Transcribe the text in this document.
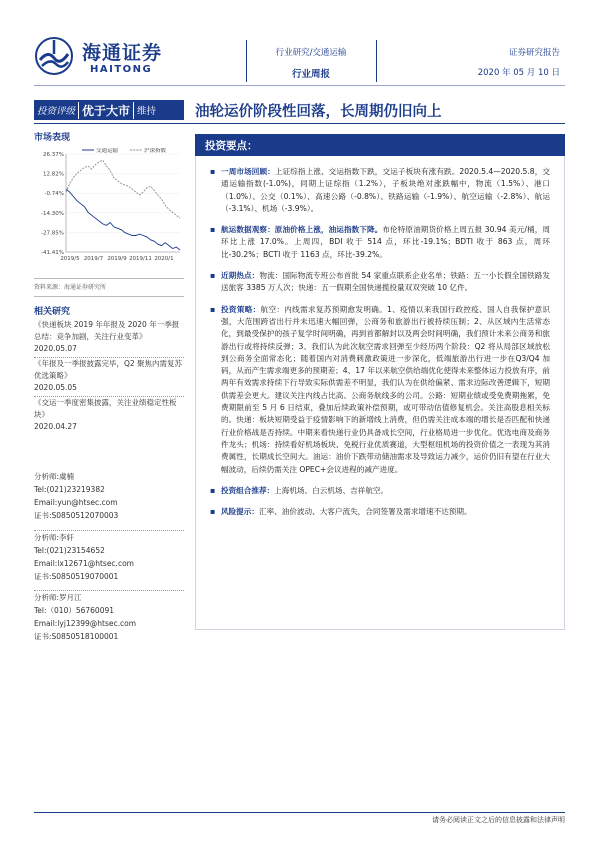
海通证券
HAITONG
行业研究/交通运输
行业周报
证券研究报告
2020 年 05 月 10 日
投资评级 优于大市 维持	油轮运价阶段性回落，长周期仍旧向上
市场表现
26.37%
12.82%
-0.74%
-14.30%
-27.85%
-41.41%
2019/5 2019/7 2019/9 2019/11 2020/1
交通运输	沪深指数
资料来源：海通证券研究所
相关研究
《快递板块 2019 年年报及 2020 年一季报总结：竞争加剧，关注行业变革》
2020.05.07
《年报及一季报披露完毕，Q2 聚焦内需复苏优选策略》
2020.05.05
《交运一季度密集披露，关注业绩稳定性板块》
2020.04.27
分析师:虞楠
Tel:(021)23219382
Email:yun@htsec.com
证书:S0850512070003
分析师:李轩
Tel:(021)23154652
Email:lx12671@htsec.com
证书:S0850519070001
分析师:罗月江
Tel:（010）56760091
Email:lyj12399@htsec.com
证书:S0850518100001
投资要点：
▪ 一周市场回顾：上证综指上涨、交运指数下跌，交运子板块有涨有跌。2020.5.4—2020.5.8，交通运输指数(-1.0%)，同期上证综指（1.2%），子板块绝对涨跌幅中，物流（1.5%）、港口（1.0%）、公交（0.1%）、高速公路（-0.8%）、铁路运输（-1.9%）、航空运输（-2.8%）、航运（-3.1%）、机场（-3.9%）。
▪ 航运数据观察：原油价格上涨，油运指数下降。布伦特原油期货价格上周五报 30.94 美元/桶，周环比上涨 17.0%。上周四，BDI 收于 514 点，环比-19.1%；BDTI 收于 863 点，周环比-30.2%；BCTI 收于 1163 点，环比-39.2%。
▪ 近期热点：物流：国际物流专班公布首批 54 家重点联系企业名单；铁路：五一小长假全国铁路发送旅客 3385 万人次；快递：五一假期全国快递揽投量双双突破 10 亿件。
▪ 投资策略：航空：内线需求复苏预期愈发明确。1、疫情以来我国行政控疫、国人自我保护意识强，大范围跨省出行并未迅速大幅回弹，公商务和旅游出行被持续压制；2、从区域内生活常态化，到最受保护的孩子复学时间明确，再到首都解封以及两会时间明确，我们预计未来公商务和旅游出行或将持续反弹；3、我们认为此次航空需求回弹至少经历两个阶段：Q2 将从局部区域放松到公商务全面常态化；随着国内对消费刺激政策进一步深化，低端旅游出行进一步在Q3/Q4 加码，从而产生需求端更多的预期差；4、17 年以来航空供给端优化使得未来整体运力投放有序，前两年有效需求持续下行导致实际供需差不明显，我们认为在供给偏紧、需求边际改善逻辑下，短期供需差会更大。建议关注内线占比高、公商务航线多的公司。公路：短期业绩或受免费期拖累，免费期限前至 5 月 6 日结束，叠加后续政策补偿预期，或可带动估值修复机会。关注高股息相关标的。快递：板块短期受益于疫情影响下的新增线上消费，但仍需关注成本端的增长是否匹配和快递行业价格战是否持续。中期来看快递行业仍具备成长空间，行业格局进一步优化。优选电商及商务件龙头；机场：持续看好机场板块、免税行业优质赛道，大型枢纽机场的投资价值之一表现为其消费属性，长期成长空间大。油运：油价下跌带动储油需求及导致运力减少，运价仍旧有望在行业大幅波动，后续仍需关注 OPEC+会议进程的减产进度。
▪ 投资组合推荐：上海机场、白云机场、吉祥航空。
▪ 风险提示：汇率、油价波动、大客户流失，合同签署及需求增速不达预期。
请务必阅读正文之后的信息披露和法律声明
